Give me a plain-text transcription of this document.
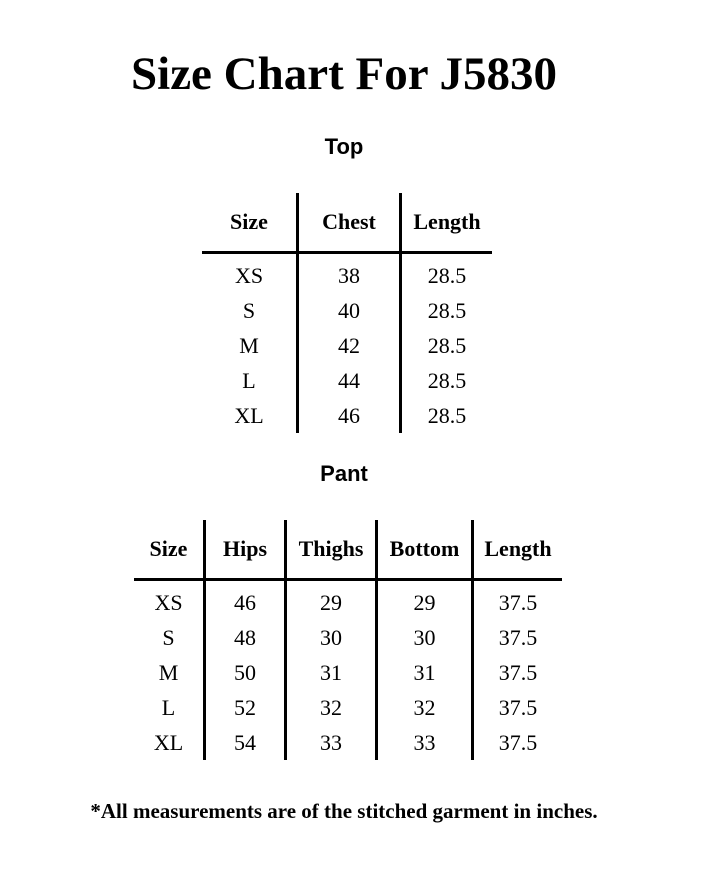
Size Chart For J5830
Top
Size	Chest	Length
XS	38	28.5
S	40	28.5
M	42	28.5
L	44	28.5
XL	46	28.5
Pant
Size	Hips	Thighs	Bottom	Length
XS	46	29	29	37.5
S	48	30	30	37.5
M	50	31	31	37.5
L	52	32	32	37.5
XL	54	33	33	37.5

*All measurements are of the stitched garment in inches.
